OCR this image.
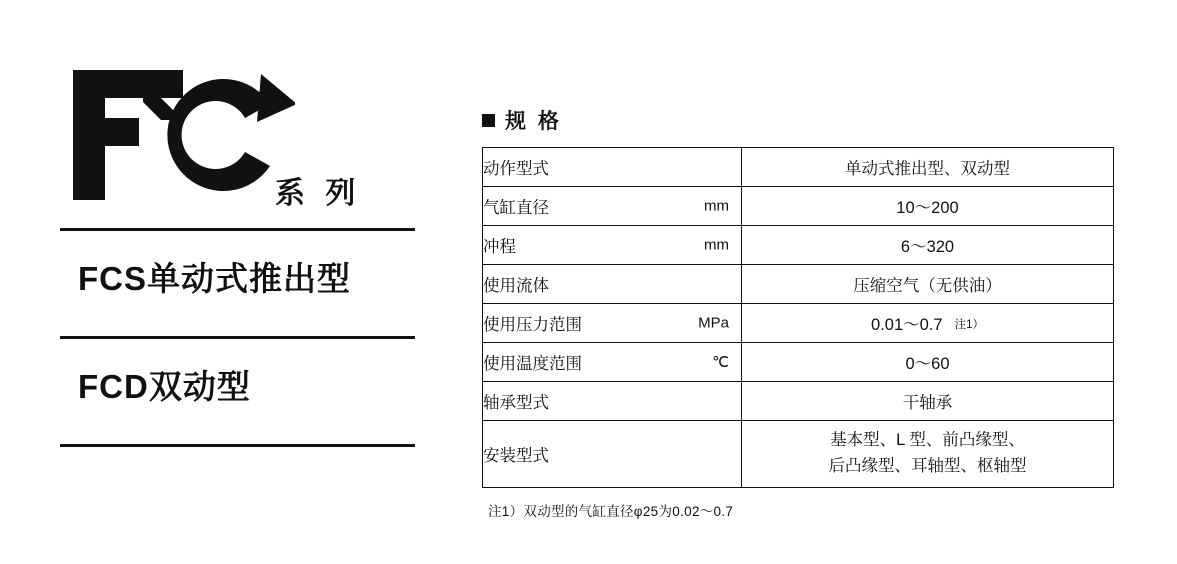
系 列
FCS单动式推出型
FCD双动型
规 格
动作型式	单动式推出型、双动型
气缸直径 mm	10～200
冲程 mm	6～320
使用流体	压缩空气（无供油）
使用压力范围 MPa	0.01～0.7 注1）
使用温度范围 ℃	0～60
轴承型式	干轴承
安装型式	基本型、L 型、前凸缘型、
后凸缘型、耳轴型、枢轴型
注1）双动型的气缸直径φ25为0.02～0.7
